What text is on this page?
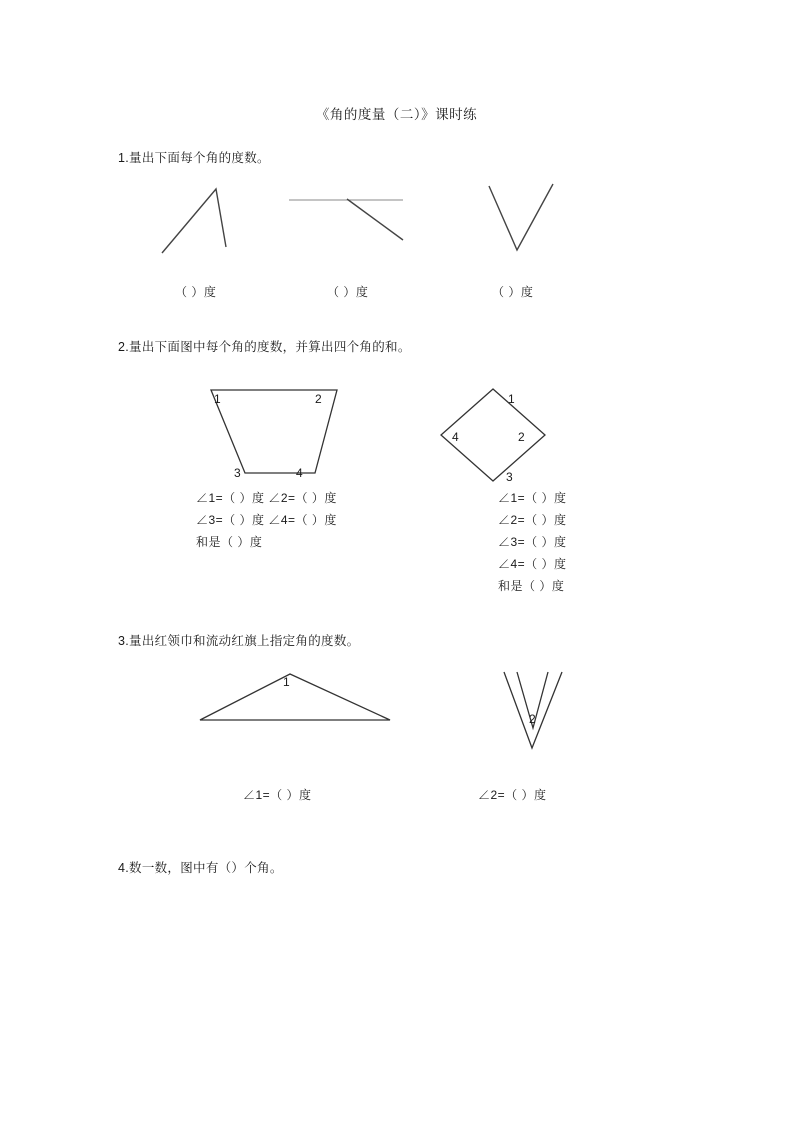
《角的度量（二）》课时练
1.量出下面每个角的度数。
（ ）度	（ ）度	（ ）度
2.量出下面图中每个角的度数，并算出四个角的和。
1	2
3	4
∠1=（ ）度 ∠2=（ ）度
∠3=（ ）度 ∠4=（ ）度
和是（ ）度
1
2
3
4
∠1=（ ）度
∠2=（ ）度
∠3=（ ）度
∠4=（ ）度
和是（ ）度
3.量出红领巾和流动红旗上指定角的度数。
1
2
∠1=（ ）度	∠2=（ ）度
4.数一数，图中有（）个角。
